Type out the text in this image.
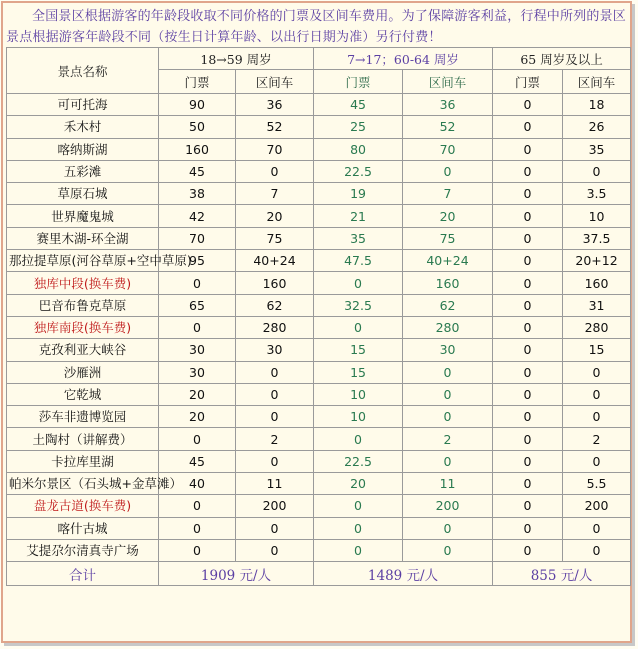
全国景区根据游客的年龄段收取不同价格的门票及区间车费用。为了保障游客利益，行程中所列的景区景点根据游客年龄段不同（按生日计算年龄、以出行日期为准）另行付费！
景点名称	18→59 周岁		7→17；60-64 周岁		65 周岁及以上	
	门票	区间车	门票	区间车	门票	区间车
可可托海	90	36	45	36	0	18
禾木村	50	52	25	52	0	26
喀纳斯湖	160	70	80	70	0	35
五彩滩	45	0	22.5	0	0	0
草原石城	38	7	19	7	0	3.5
世界魔鬼城	42	20	21	20	0	10
赛里木湖-环全湖	70	75	35	75	0	37.5
那拉提草原(河谷草原+空中草原)	95	40+24	47.5	40+24	0	20+12
独库中段(换车费)	0	160	0	160	0	160
巴音布鲁克草原	65	62	32.5	62	0	31
独库南段(换车费)	0	280	0	280	0	280
克孜利亚大峡谷	30	30	15	30	0	15
沙雁洲	30	0	15	0	0	0
它乾城	20	0	10	0	0	0
莎车非遗博览园	20	0	10	0	0	0
土陶村（讲解费）	0	2	0	2	0	2
卡拉库里湖	45	0	22.5	0	0	0
帕米尔景区（石头城+金草滩）	40	11	20	11	0	5.5
盘龙古道(换车费)	0	200	0	200	0	200
喀什古城	0	0	0	0	0	0
艾提尕尔清真寺广场	0	0	0	0	0	0
合计	1909 元/人		1489 元/人		855 元/人	
